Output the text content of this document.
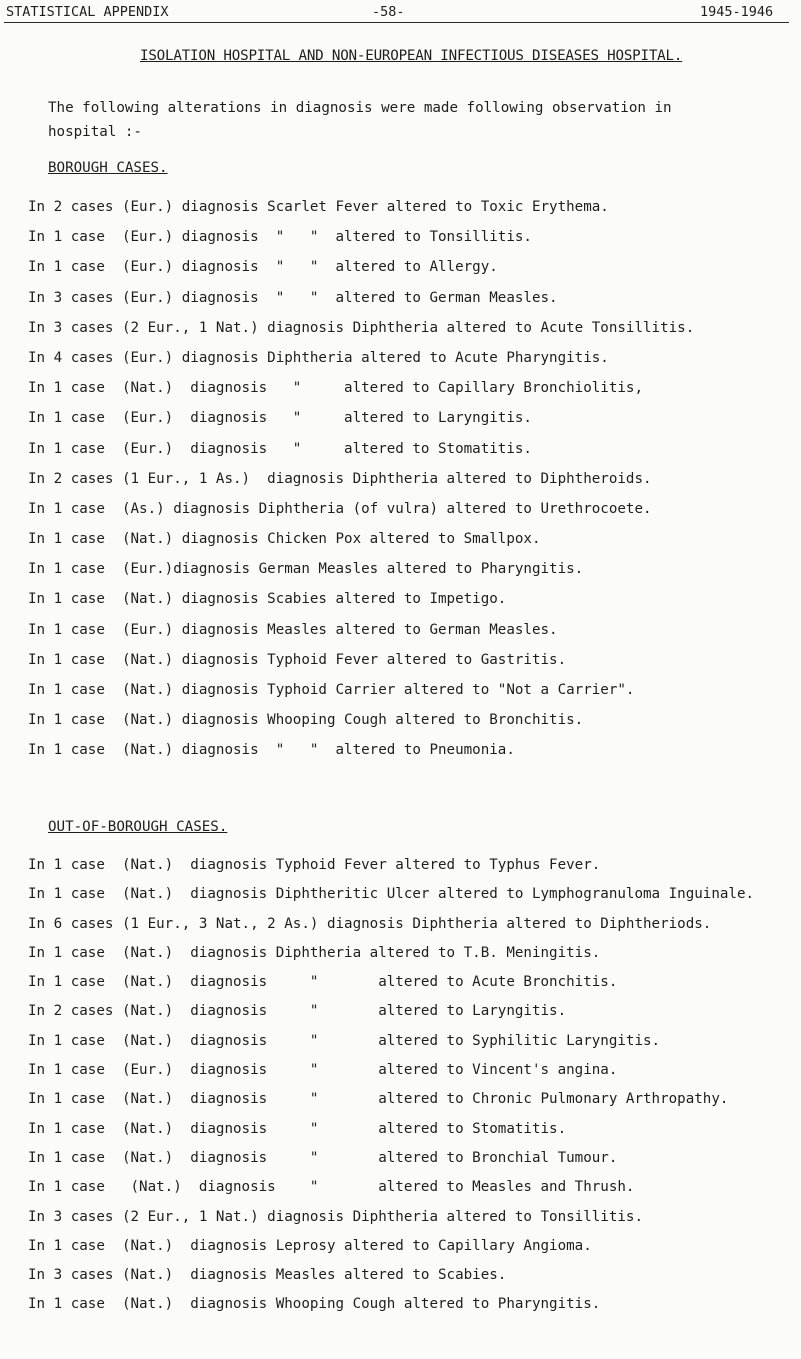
STATISTICAL APPENDIX	-58-	1945-1946
ISOLATION HOSPITAL AND NON-EUROPEAN INFECTIOUS DISEASES HOSPITAL.
The following alterations in diagnosis were made following observation in
hospital :-
BOROUGH CASES.
In 2 cases (Eur.) diagnosis Scarlet Fever altered to Toxic Erythema.
In 1 case  (Eur.) diagnosis  "   "  altered to Tonsillitis.
In 1 case  (Eur.) diagnosis  "   "  altered to Allergy.
In 3 cases (Eur.) diagnosis  "   "  altered to German Measles.
In 3 cases (2 Eur., 1 Nat.) diagnosis Diphtheria altered to Acute Tonsillitis.
In 4 cases (Eur.) diagnosis Diphtheria altered to Acute Pharyngitis.
In 1 case  (Nat.)  diagnosis   "     altered to Capillary Bronchiolitis,
In 1 case  (Eur.)  diagnosis   "     altered to Laryngitis.
In 1 case  (Eur.)  diagnosis   "     altered to Stomatitis.
In 2 cases (1 Eur., 1 As.)  diagnosis Diphtheria altered to Diphtheroids.
In 1 case  (As.) diagnosis Diphtheria (of vulra) altered to Urethrocoete.
In 1 case  (Nat.) diagnosis Chicken Pox altered to Smallpox.
In 1 case  (Eur.)diagnosis German Measles altered to Pharyngitis.
In 1 case  (Nat.) diagnosis Scabies altered to Impetigo.
In 1 case  (Eur.) diagnosis Measles altered to German Measles.
In 1 case  (Nat.) diagnosis Typhoid Fever altered to Gastritis.
In 1 case  (Nat.) diagnosis Typhoid Carrier altered to "Not a Carrier".
In 1 case  (Nat.) diagnosis Whooping Cough altered to Bronchitis.
In 1 case  (Nat.) diagnosis  "   "  altered to Pneumonia.
OUT-OF-BOROUGH CASES.
In 1 case  (Nat.)  diagnosis Typhoid Fever altered to Typhus Fever.
In 1 case  (Nat.)  diagnosis Diphtheritic Ulcer altered to Lymphogranuloma Inguinale.
In 6 cases (1 Eur., 3 Nat., 2 As.) diagnosis Diphtheria altered to Diphtheriods.
In 1 case  (Nat.)  diagnosis Diphtheria altered to T.B. Meningitis.
In 1 case  (Nat.)  diagnosis     "       altered to Acute Bronchitis.
In 2 cases (Nat.)  diagnosis     "       altered to Laryngitis.
In 1 case  (Nat.)  diagnosis     "       altered to Syphilitic Laryngitis.
In 1 case  (Eur.)  diagnosis     "       altered to Vincent's angina.
In 1 case  (Nat.)  diagnosis     "       altered to Chronic Pulmonary Arthropathy.
In 1 case  (Nat.)  diagnosis     "       altered to Stomatitis.
In 1 case  (Nat.)  diagnosis     "       altered to Bronchial Tumour.
In 1 case   (Nat.)  diagnosis    "       altered to Measles and Thrush.
In 3 cases (2 Eur., 1 Nat.) diagnosis Diphtheria altered to Tonsillitis.
In 1 case  (Nat.)  diagnosis Leprosy altered to Capillary Angioma.
In 3 cases (Nat.)  diagnosis Measles altered to Scabies.
In 1 case  (Nat.)  diagnosis Whooping Cough altered to Pharyngitis.
